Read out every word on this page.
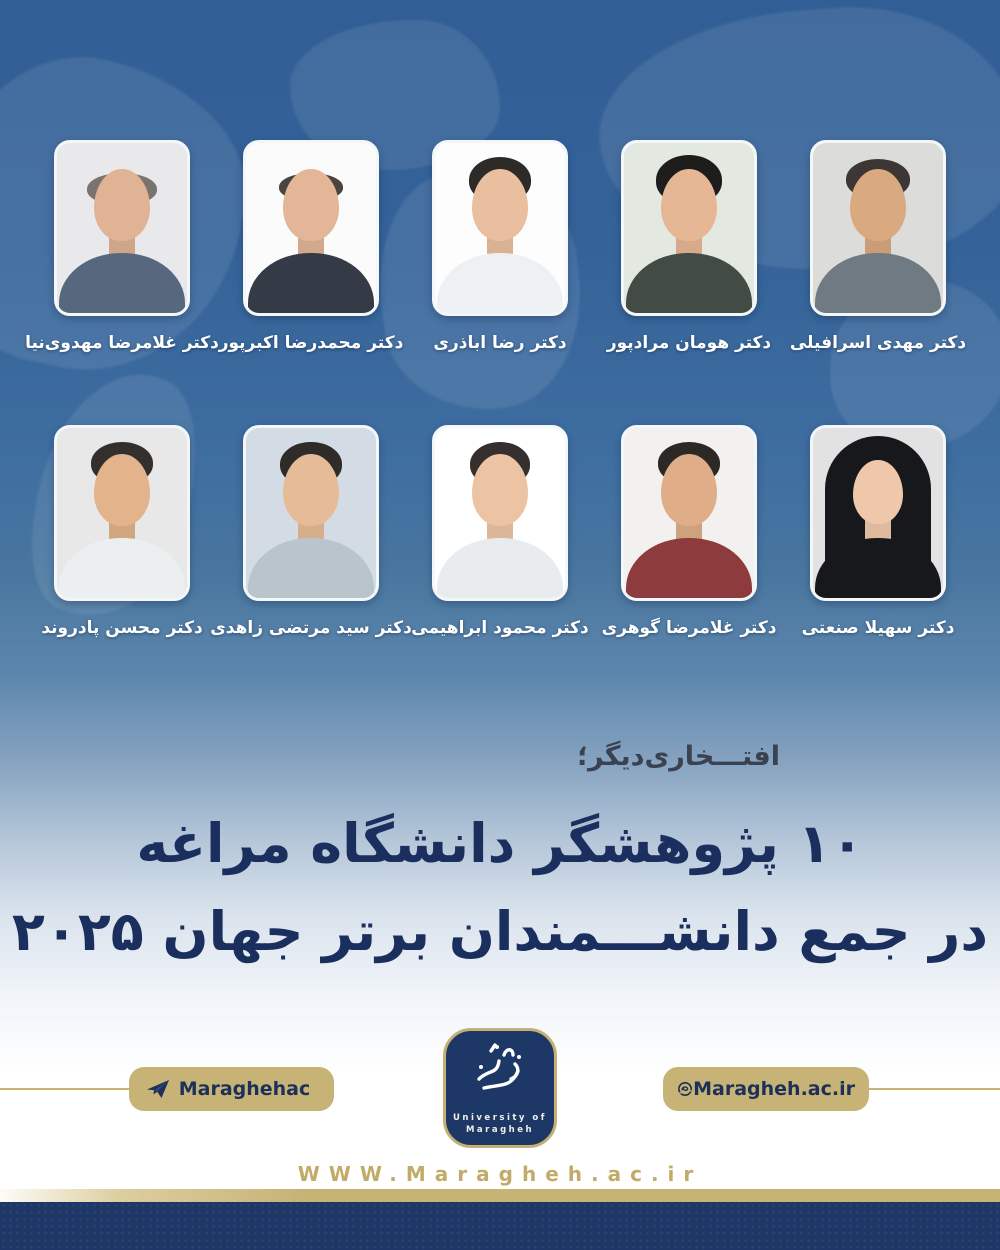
دکتر غلامرضا مهدوی‌نیا دکتر محمدرضا اکبرپور دکتر رضا اباذری دکتر هومان مرادپور دکتر مهدی اسرافیلی
دکتر محسن پادروند دکتر سید مرتضی زاهدی دکتر محمود ابراهیمی دکتر غلامرضا گوهری دکتر سهیلا صنعتی
افتـــخاری‌دیگر؛
۱۰ پژوهشگر دانشگاه مراغه
در جمع دانشـــمندان برتر جهان ۲۰۲۵
University of
Maragheh
Maraghehac	Maragheh.ac.ir
WWW.Maragheh.ac.ir
